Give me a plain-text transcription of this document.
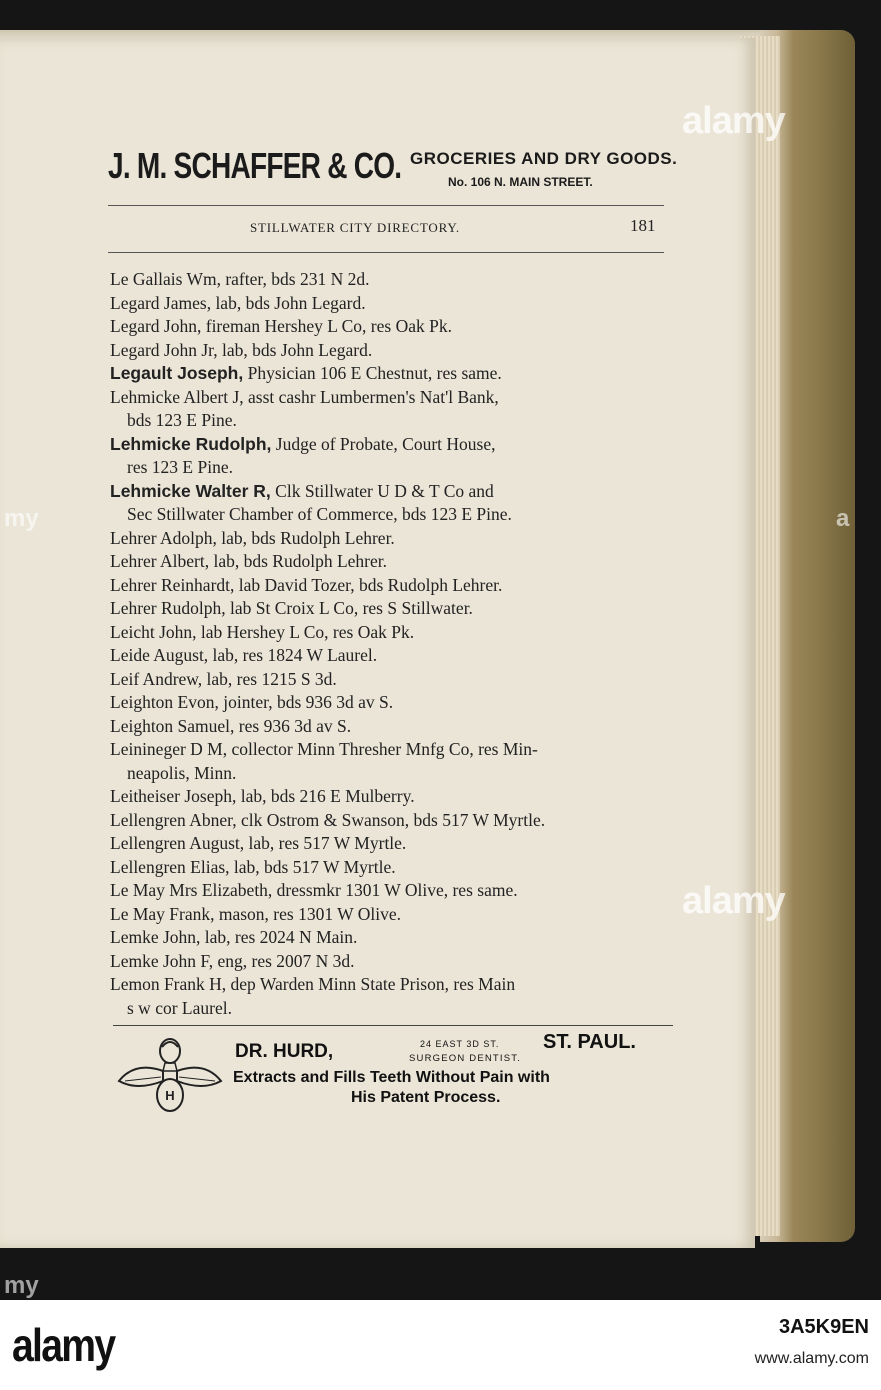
J. M. SCHAFFER & CO. GROCERIES AND DRY GOODS.
No. 106 N. MAIN STREET.
STILLWATER CITY DIRECTORY.	181
Le Gallais Wm, rafter, bds 231 N 2d.
Legard James, lab, bds John Legard.
Legard John, fireman Hershey L Co, res Oak Pk.
Legard John Jr, lab, bds John Legard.
Legault Joseph, Physician 106 E Chestnut, res same.
Lehmicke Albert J, asst cashr Lumbermen's Nat'l Bank,
bds 123 E Pine.
Lehmicke Rudolph, Judge of Probate, Court House,
res 123 E Pine.
Lehmicke Walter R, Clk Stillwater U D & T Co and
Sec Stillwater Chamber of Commerce, bds 123 E Pine.
Lehrer Adolph, lab, bds Rudolph Lehrer.
Lehrer Albert, lab, bds Rudolph Lehrer.
Lehrer Reinhardt, lab David Tozer, bds Rudolph Lehrer.
Lehrer Rudolph, lab St Croix L Co, res S Stillwater.
Leicht John, lab Hershey L Co, res Oak Pk.
Leide August, lab, res 1824 W Laurel.
Leif Andrew, lab, res 1215 S 3d.
Leighton Evon, jointer, bds 936 3d av S.
Leighton Samuel, res 936 3d av S.
Leinineger D M, collector Minn Thresher Mnfg Co, res Min-
neapolis, Minn.
Leitheiser Joseph, lab, bds 216 E Mulberry.
Lellengren Abner, clk Ostrom & Swanson, bds 517 W Myrtle.
Lellengren August, lab, res 517 W Myrtle.
Lellengren Elias, lab, bds 517 W Myrtle.
Le May Mrs Elizabeth, dressmkr 1301 W Olive, res same.
Le May Frank, mason, res 1301 W Olive.
Lemke John, lab, res 2024 N Main.
Lemke John F, eng, res 2007 N 3d.
Lemon Frank H, dep Warden Minn State Prison, res Main
s w cor Laurel.
H
DR. HURD,	24 EAST 3D ST.
SURGEON DENTIST.
ST. PAUL.
Extracts and Fills Teeth Without Pain with
His Patent Process.
alamy
alamy
my
my
a
alamy	3A5K9EN
www.alamy.com
